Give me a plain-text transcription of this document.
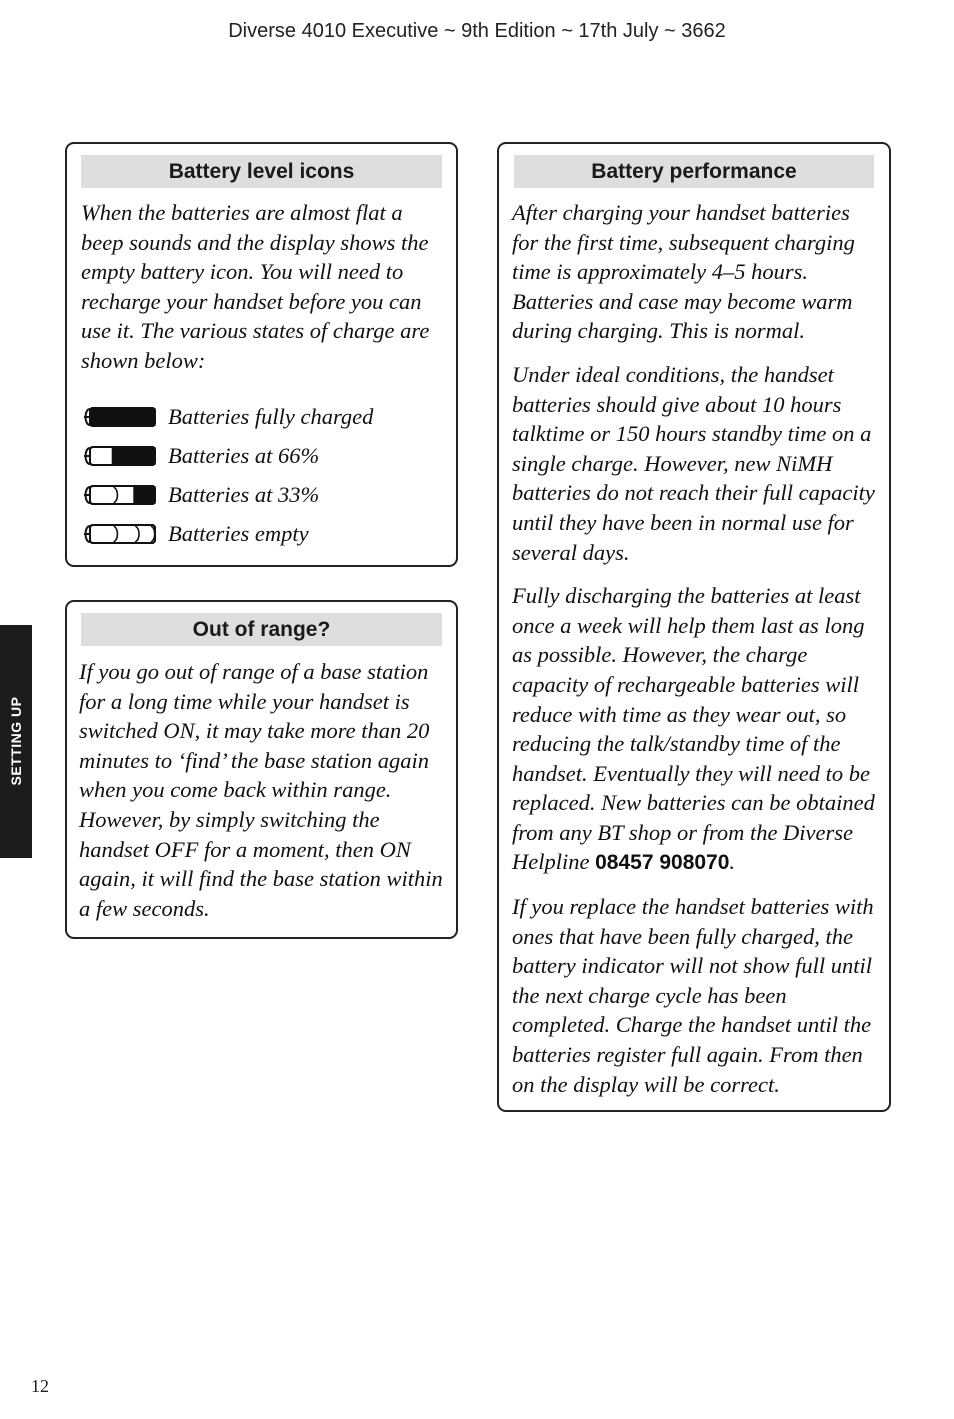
Diverse 4010 Executive ~ 9th Edition ~ 17th July ~ 3662
Battery level icons

When the batteries are almost flat a beep sounds and the display shows the empty battery icon. You will need to recharge your handset before you can use it. The various states of charge are shown below:

Batteries fully charged
Batteries at 66%
Batteries at 33%
Batteries empty
Out of range?

If you go out of range of a base station for a long time while your handset is switched ON, it may take more than 20 minutes to ‘find’ the base station again when you come back within range. However, by simply switching the handset OFF for a moment, then ON again, it will find the base station within a few seconds.

Battery performance

After charging your handset batteries for the first time, subsequent charging time is approximately 4–5 hours. Batteries and case may become warm during charging. This is normal.

Under ideal conditions, the handset batteries should give about 10 hours talktime or 150 hours standby time on a single charge. However, new NiMH batteries do not reach their full capacity until they have been in normal use for several days.

Fully discharging the batteries at least once a week will help them last as long as possible. However, the charge capacity of rechargeable batteries will reduce with time as they wear out, so reducing the talk/standby time of the handset. Eventually they will need to be replaced. New batteries can be obtained from any BT shop or from the Diverse Helpline 08457 908070.

If you replace the handset batteries with ones that have been fully charged, the battery indicator will not show full until the next charge cycle has been completed. Charge the handset until the batteries register full again. From then on the display will be correct.

SETTING UP
12
